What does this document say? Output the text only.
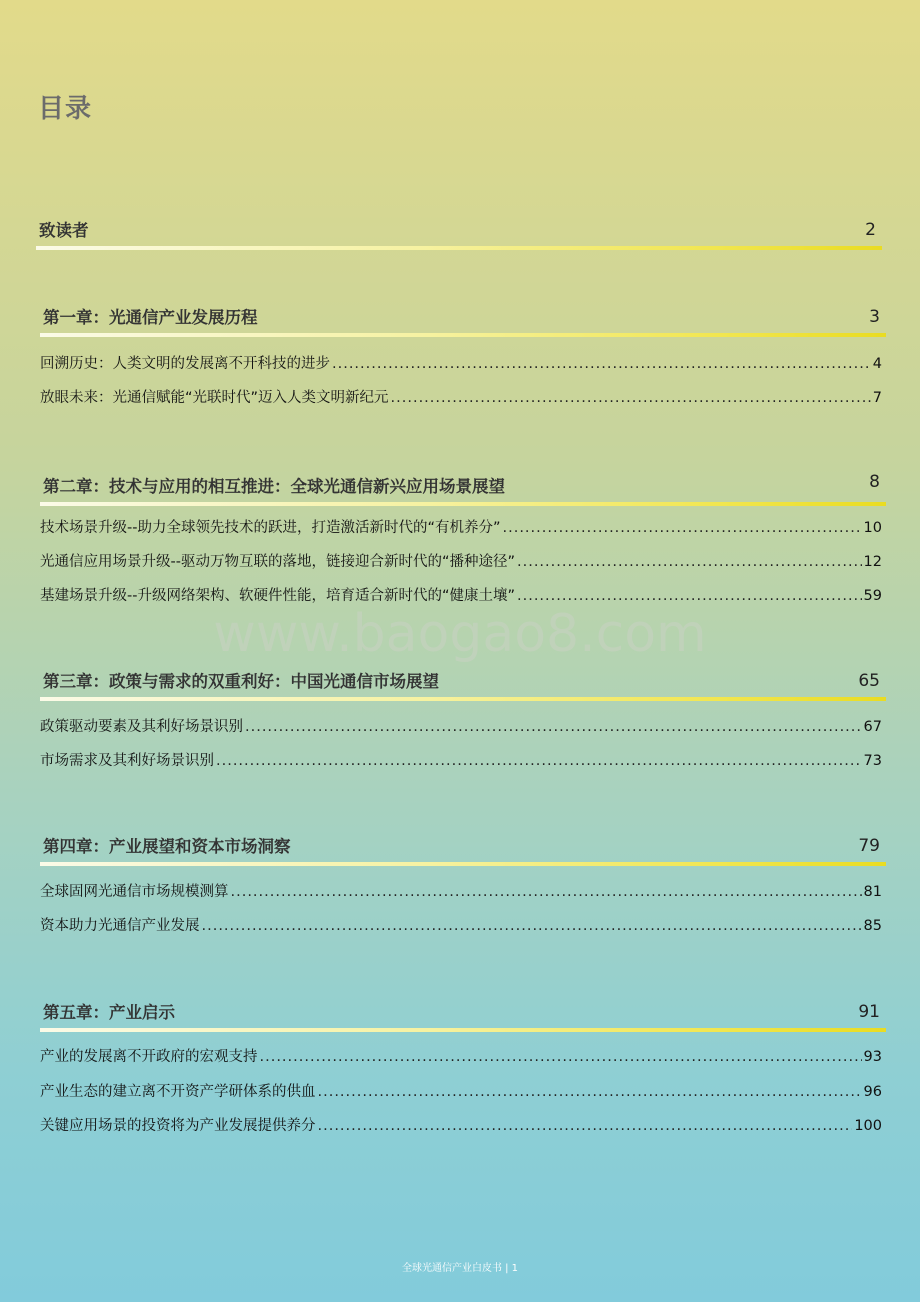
目录
致读者	2
第一章：光通信产业发展历程	3
回溯历史：人类文明的发展离不开科技的进步 .....	4
放眼未来：光通信赋能“光联时代”迈入人类文明新纪元 .....	7
第二章：技术与应用的相互推进：全球光通信新兴应用场景展望	8
技术场景升级--助力全球领先技术的跃进，打造激活新时代的“有机养分” .....	10
光通信应用场景升级--驱动万物互联的落地，链接迎合新时代的“播种途径” .....	12
基建场景升级--升级网络架构、软硬件性能，培育适合新时代的“健康土壤” .....	59
www.baogao8.com
第三章：政策与需求的双重利好：中国光通信市场展望	65
政策驱动要素及其利好场景识别 .....	67
市场需求及其利好场景识别 .....	73
第四章：产业展望和资本市场洞察	79
全球固网光通信市场规模测算 .....	81
资本助力光通信产业发展 .....	85
第五章：产业启示	91
产业的发展离不开政府的宏观支持 .....	93
产业生态的建立离不开资产学研体系的供血 .....	96
关键应用场景的投资将为产业发展提供养分 .....	100
全球光通信产业白皮书 | 1
